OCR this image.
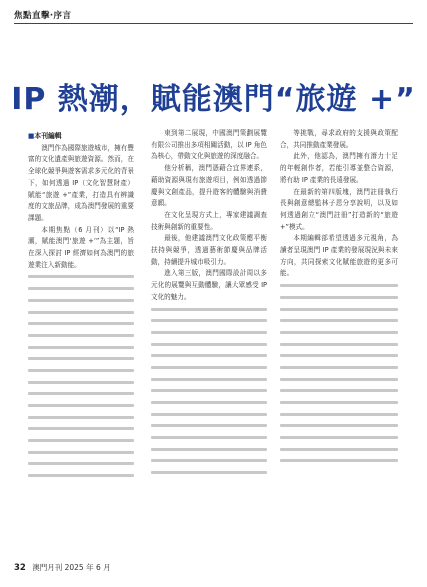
焦點直擊‧序言
IP 熱潮，賦能澳門“旅遊 +”

■本刊編輯

澳門作為國際旅遊城市，擁有豐富的文化遺產與旅遊資源。然而，在全球化競爭與遊客需求多元化的背景下，如何透過 IP（文化智慧財產）賦能“旅遊 +”產業，打造具有辨識度的文旅品牌，成為澳門發展的重要課題。

本期焦點（6 月刊）以“IP 熱潮，賦能澳門‘旅遊 +’”為主題，旨在深入探討 IP 經濟如何為澳門的旅遊業注入新動能。

東到第二展現，中國澳門策劃展覽有限公司推出多項相關活動，以 IP 角色為核心，帶動文化與旅遊的深度融合。

他分析稱，澳門憑藉合宜界連系，藉助資源與現有旅遊項目，例如透過節慶與文創產品，提升遊客的體驗與消費意願。

在文化呈現方式上，專家建議調查技術與創新的重要性。

最後，他建議澳門文化政策應平衡扶持與競爭，透過藝術節慶與品牌活動，持續提升城市吸引力。

進入第三版，澳門國際設計周以多元化的展覽與互動體驗，讓大眾感受 IP 文化的魅力。

等挑戰，尋求政府的支援與政策配合，共同推動產業發展。

此外，他認為，澳門擁有潛力十足的年輕創作者，若能引導並整合資源，將有助 IP 產業的長遠發展。

在最新的第四版塊，澳門註冊執行長與創意總監林子恩分享說明，以及如何透過創立“澳門註冊”打造新的“旅遊 +”模式。

本期編輯部希望透過多元視角，為讀者呈現澳門 IP 產業的發展現況與未來方向，共同探索文化賦能旅遊的更多可能。

32 澳門月刊 2025 年 6 月
